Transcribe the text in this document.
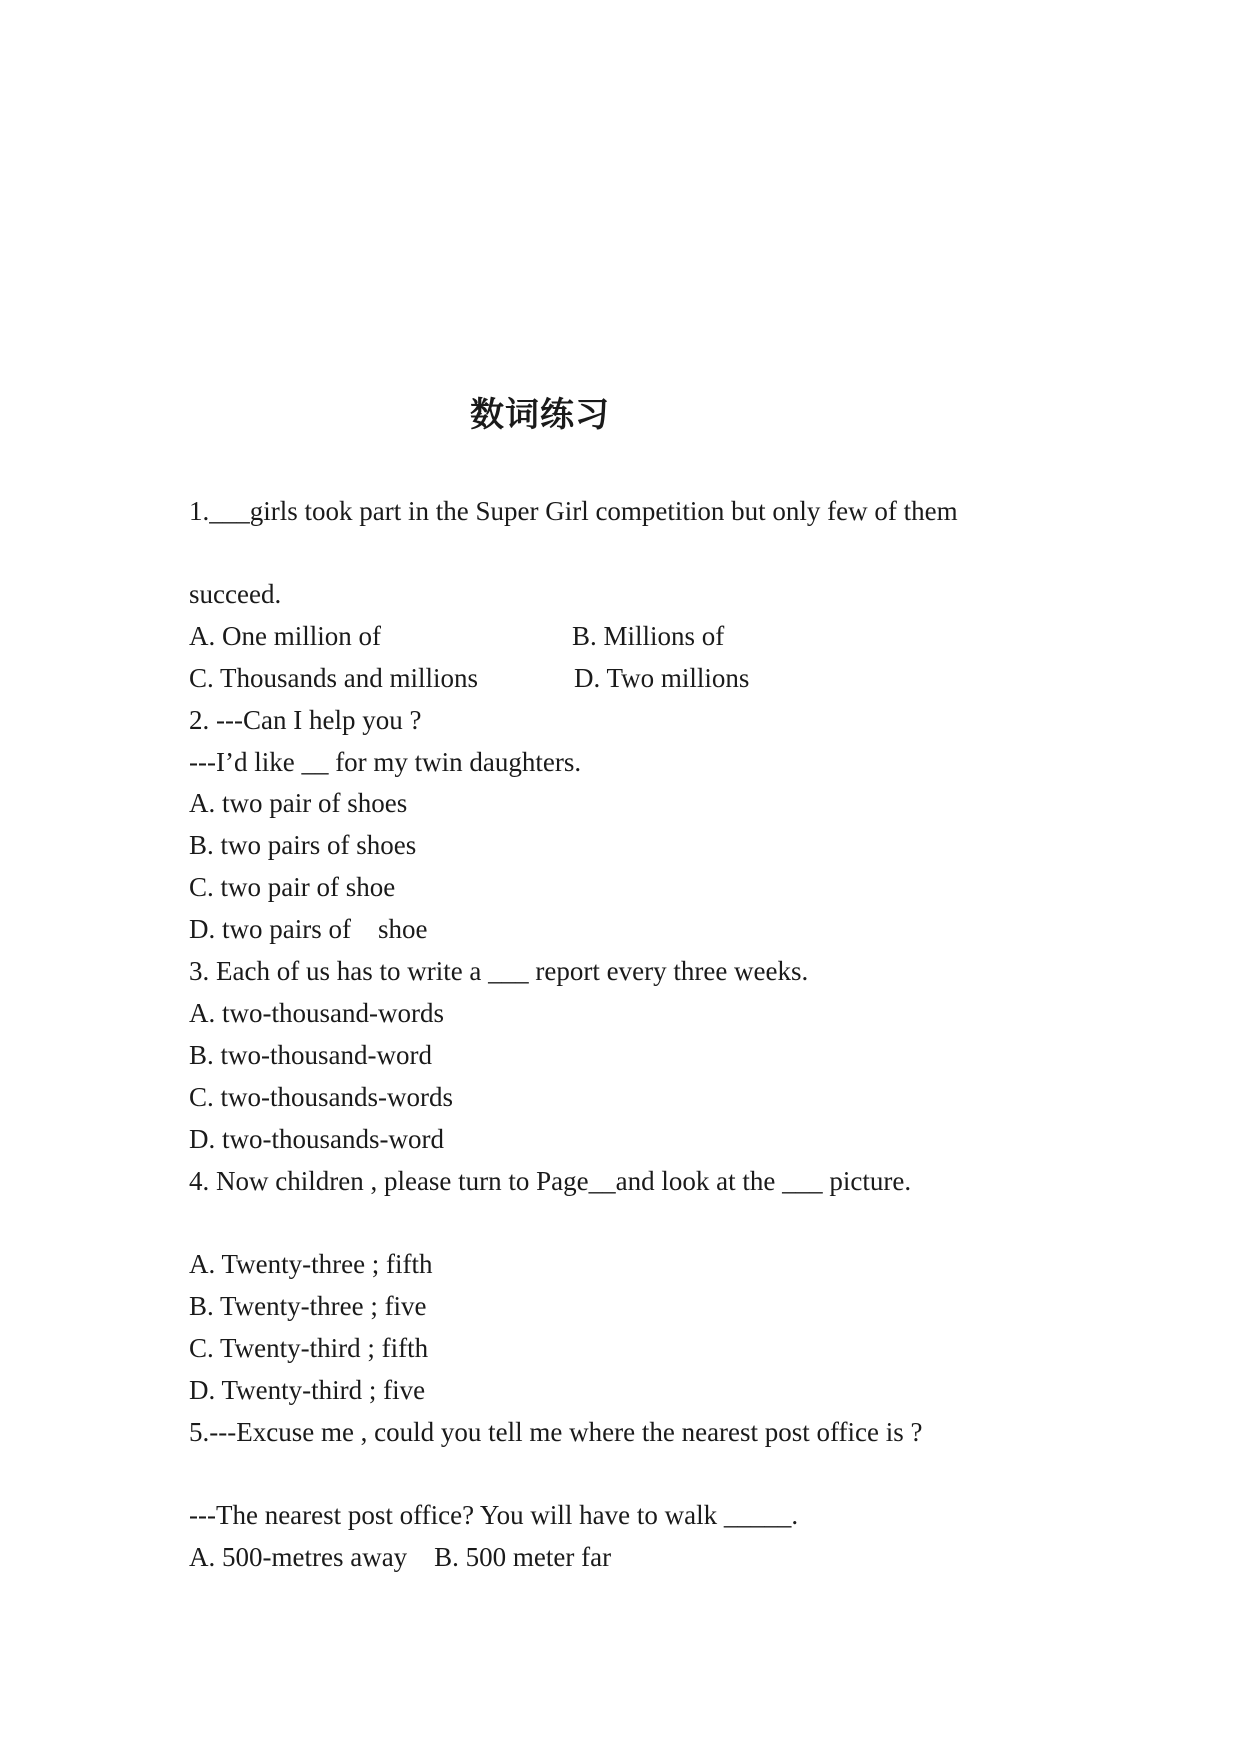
数词练习
1.___girls took part in the Super Girl competition but only few of them
succeed.
A. One million of	B. Millions of
C. Thousands and millions	D. Two millions
2. ---Can I help you ?
---I’d like __ for my twin daughters.
A. two pair of shoes
B. two pairs of shoes
C. two pair of shoe
D. two pairs of    shoe
3. Each of us has to write a ___ report every three weeks.
A. two-thousand-words
B. two-thousand-word
C. two-thousands-words
D. two-thousands-word
4. Now children , please turn to Page__and look at the ___ picture.
A. Twenty-three ; fifth
B. Twenty-three ; five
C. Twenty-third ; fifth
D. Twenty-third ; five
5.---Excuse me , could you tell me where the nearest post office is ?
---The nearest post office? You will have to walk _____.
A. 500-metres away    B. 500 meter far
